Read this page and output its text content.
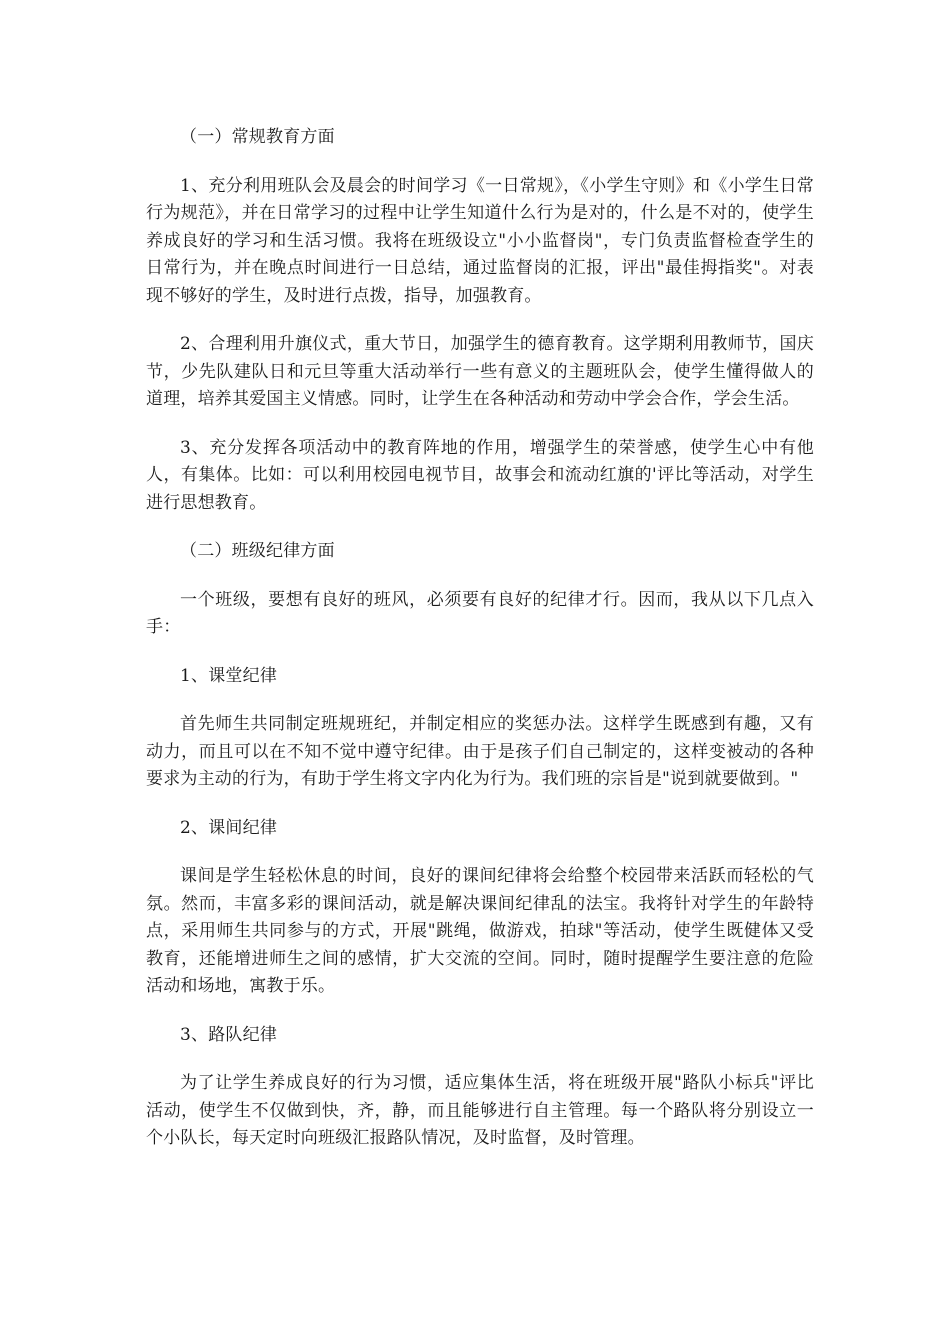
（一）常规教育方面

1、充分利用班队会及晨会的时间学习《一日常规》，《小学生守则》和《小学生日常行为规范》，并在日常学习的过程中让学生知道什么行为是对的，什么是不对的，使学生养成良好的学习和生活习惯。我将在班级设立"小小监督岗"，专门负责监督检查学生的日常行为，并在晚点时间进行一日总结，通过监督岗的汇报，评出"最佳拇指奖"。对表现不够好的学生，及时进行点拨，指导，加强教育。

2、合理利用升旗仪式，重大节日，加强学生的德育教育。这学期利用教师节，国庆节，少先队建队日和元旦等重大活动举行一些有意义的主题班队会，使学生懂得做人的道理，培养其爱国主义情感。同时，让学生在各种活动和劳动中学会合作，学会生活。

3、充分发挥各项活动中的教育阵地的作用，增强学生的荣誉感，使学生心中有他人，有集体。比如：可以利用校园电视节目，故事会和流动红旗的'评比等活动，对学生进行思想教育。

（二）班级纪律方面

一个班级，要想有良好的班风，必须要有良好的纪律才行。因而，我从以下几点入手：

1、课堂纪律

首先师生共同制定班规班纪，并制定相应的奖惩办法。这样学生既感到有趣，又有动力，而且可以在不知不觉中遵守纪律。由于是孩子们自己制定的，这样变被动的各种要求为主动的行为，有助于学生将文字内化为行为。我们班的宗旨是"说到就要做到。"

2、课间纪律

课间是学生轻松休息的时间，良好的课间纪律将会给整个校园带来活跃而轻松的气氛。然而，丰富多彩的课间活动，就是解决课间纪律乱的法宝。我将针对学生的年龄特点，采用师生共同参与的方式，开展"跳绳，做游戏，拍球"等活动，使学生既健体又受教育，还能增进师生之间的感情，扩大交流的空间。同时，随时提醒学生要注意的危险活动和场地，寓教于乐。

3、路队纪律

为了让学生养成良好的行为习惯，适应集体生活，将在班级开展"路队小标兵"评比活动，使学生不仅做到快，齐，静，而且能够进行自主管理。每一个路队将分别设立一个小队长，每天定时向班级汇报路队情况，及时监督，及时管理。
